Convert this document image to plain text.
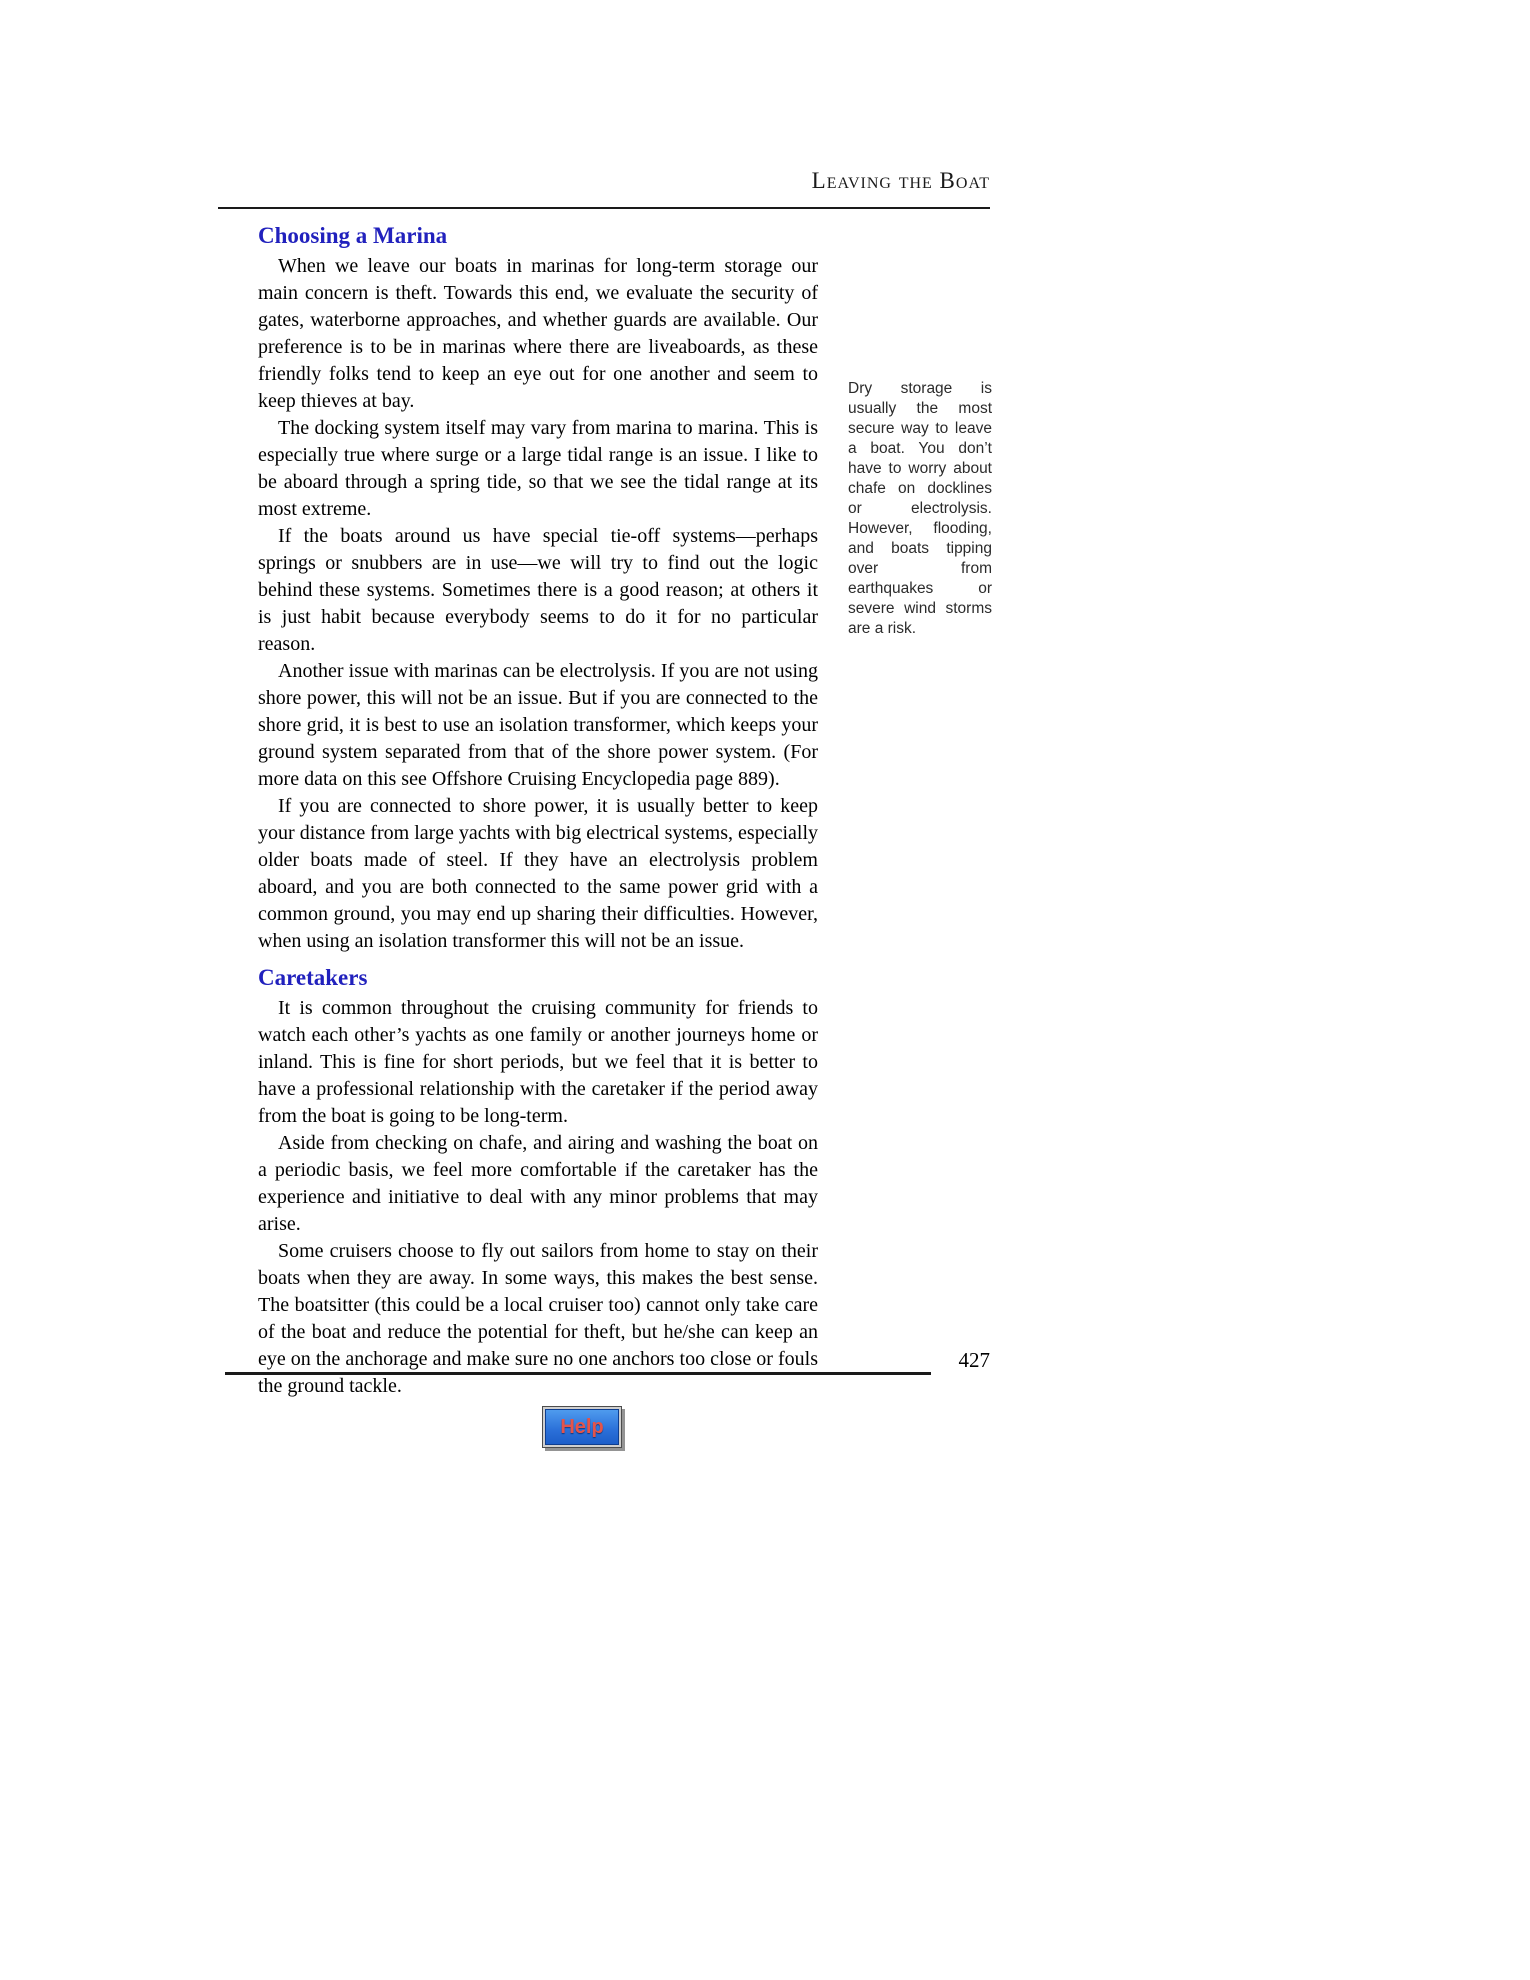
Leaving the Boat
Choosing a Marina

When we leave our boats in marinas for long-term storage our main concern is theft. Towards this end, we evaluate the security of gates, waterborne approaches, and whether guards are available. Our preference is to be in marinas where there are liveaboards, as these friendly folks tend to keep an eye out for one another and seem to keep thieves at bay.

The docking system itself may vary from marina to marina. This is especially true where surge or a large tidal range is an issue. I like to be aboard through a spring tide, so that we see the tidal range at its most extreme.

If the boats around us have special tie-off systems—perhaps springs or snubbers are in use—we will try to find out the logic behind these systems. Sometimes there is a good reason; at others it is just habit because everybody seems to do it for no particular reason.

Another issue with marinas can be electrolysis. If you are not using shore power, this will not be an issue. But if you are connected to the shore grid, it is best to use an isolation transformer, which keeps your ground system separated from that of the shore power system. (For more data on this see Offshore Cruising Encyclopedia page 889).

If you are connected to shore power, it is usually better to keep your distance from large yachts with big electrical systems, especially older boats made of steel. If they have an electrolysis problem aboard, and you are both connected to the same power grid with a common ground, you may end up sharing their difficulties. However, when using an isolation transformer this will not be an issue.

Caretakers

It is common throughout the cruising community for friends to watch each other’s yachts as one family or another journeys home or inland. This is fine for short periods, but we feel that it is better to have a professional relationship with the caretaker if the period away from the boat is going to be long-term.

Aside from checking on chafe, and airing and washing the boat on a periodic basis, we feel more comfortable if the caretaker has the experience and initiative to deal with any minor problems that may arise.

Some cruisers choose to fly out sailors from home to stay on their boats when they are away. In some ways, this makes the best sense. The boatsitter (this could be a local cruiser too) cannot only take care of the boat and reduce the potential for theft, but he/she can keep an eye on the anchorage and make sure no one anchors too close or fouls the ground tackle.

Dry storage is usually the most secure way to leave a boat. You don’t have to worry about chafe on docklines or electrolysis. However, flooding, and boats tipping over from earthquakes or severe wind storms are a risk.
427
Help
